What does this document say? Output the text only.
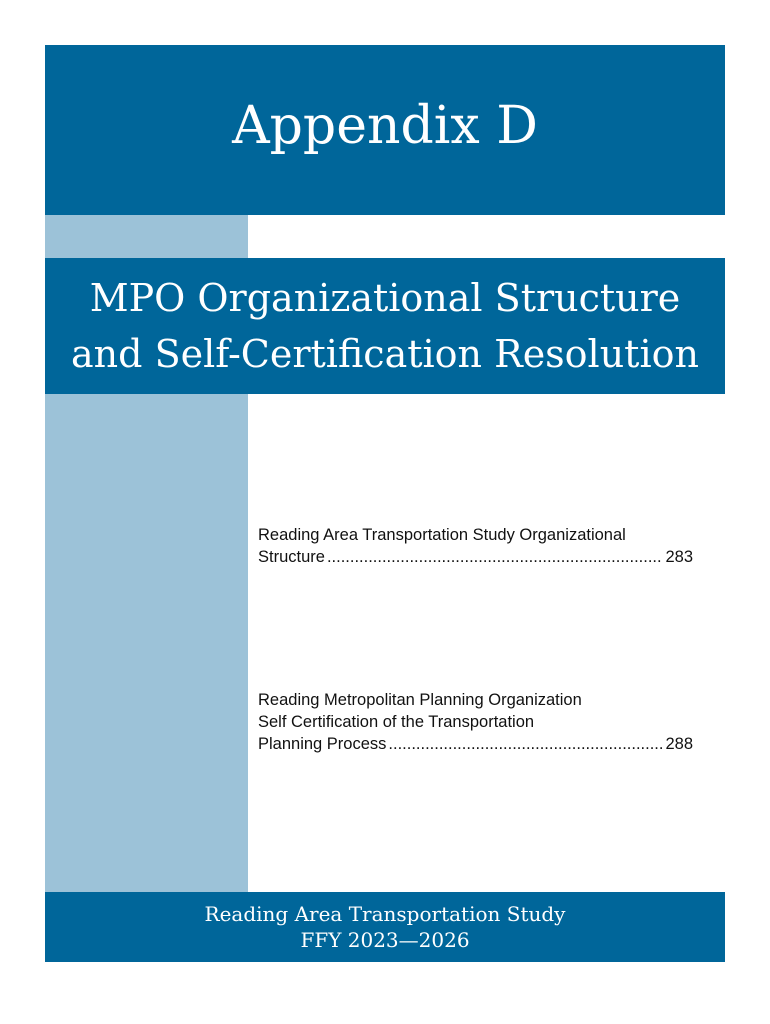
Appendix D
MPO Organizational Structure
and Self-Certification Resolution
Reading Area Transportation Study Organizational
Structure .....	283
Reading Metropolitan Planning Organization
Self Certification of the Transportation
Planning Process .....	288
Reading Area Transportation Study
FFY 2023—2026
